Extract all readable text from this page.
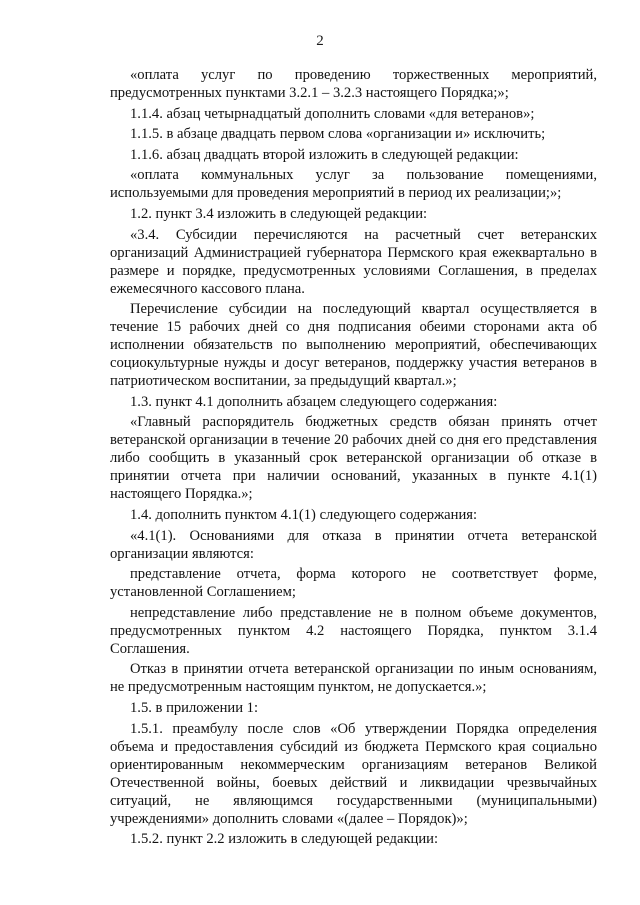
2

«оплата услуг по проведению торжественных мероприятий, предусмотренных пунктами 3.2.1 – 3.2.3 настоящего Порядка;»;

1.1.4. абзац четырнадцатый дополнить словами «для ветеранов»;

1.1.5. в абзаце двадцать первом слова «организации и» исключить;

1.1.6. абзац двадцать второй изложить в следующей редакции:

«оплата коммунальных услуг за пользование помещениями, используемыми для проведения мероприятий в период их реализации;»;

1.2. пункт 3.4 изложить в следующей редакции:

«3.4. Субсидии перечисляются на расчетный счет ветеранских организаций Администрацией губернатора Пермского края ежеквартально в размере и порядке, предусмотренных условиями Соглашения, в пределах ежемесячного кассового плана.

Перечисление субсидии на последующий квартал осуществляется в течение 15 рабочих дней со дня подписания обеими сторонами акта об исполнении обязательств по выполнению мероприятий, обеспечивающих социокультурные нужды и досуг ветеранов, поддержку участия ветеранов в патриотическом воспитании, за предыдущий квартал.»;

1.3. пункт 4.1 дополнить абзацем следующего содержания:

«Главный распорядитель бюджетных средств обязан принять отчет ветеранской организации в течение 20 рабочих дней со дня его представления либо сообщить в указанный срок ветеранской организации об отказе в принятии отчета при наличии оснований, указанных в пункте 4.1(1) настоящего Порядка.»;

1.4. дополнить пунктом 4.1(1) следующего содержания:

«4.1(1). Основаниями для отказа в принятии отчета ветеранской организации являются:

представление отчета, форма которого не соответствует форме, установленной Соглашением;

непредставление либо представление не в полном объеме документов, предусмотренных пунктом 4.2 настоящего Порядка, пунктом 3.1.4 Соглашения.

Отказ в принятии отчета ветеранской организации по иным основаниям, не предусмотренным настоящим пунктом, не допускается.»;

1.5. в приложении 1:

1.5.1. преамбулу после слов «Об утверждении Порядка определения объема и предоставления субсидий из бюджета Пермского края социально ориентированным некоммерческим организациям ветеранов Великой Отечественной войны, боевых действий и ликвидации чрезвычайных ситуаций, не являющимся государственными (муниципальными) учреждениями» дополнить словами «(далее – Порядок)»;

1.5.2. пункт 2.2 изложить в следующей редакции:
